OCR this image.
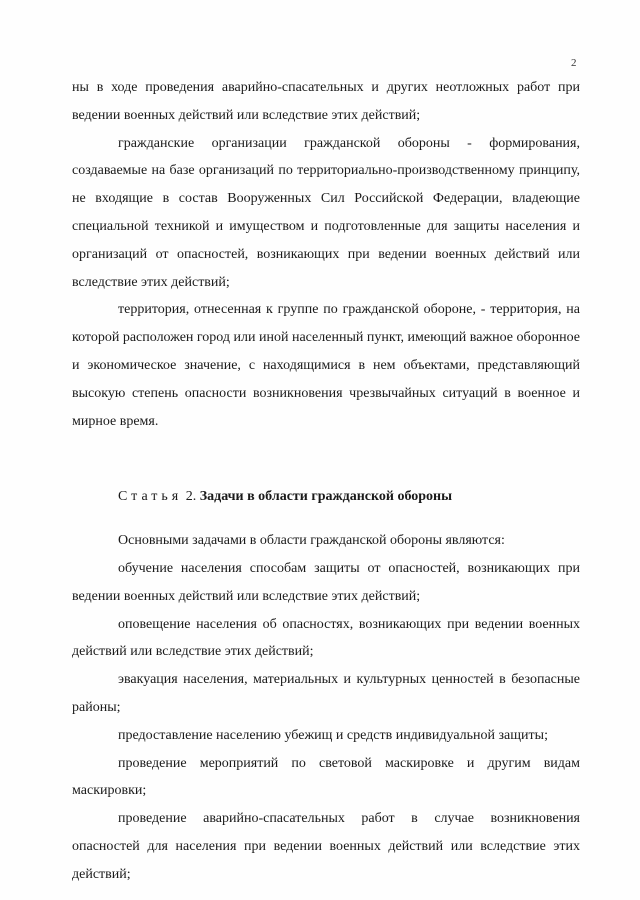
2

ны в ходе проведения аварийно-спасательных и других неотложных работ при ведении военных действий или вследствие этих действий;

гражданские организации гражданской обороны - формирования, создаваемые на базе организаций по территориально-производственному принципу, не входящие в состав Вооруженных Сил Российской Федерации, владеющие специальной техникой и имуществом и подготовленные для защиты населения и организаций от опасностей, возникающих при ведении военных действий или вследствие этих действий;

территория, отнесенная к группе по гражданской обороне, - территория, на которой расположен город или иной населенный пункт, имеющий важное оборонное и экономическое значение, с находящимися в нем объектами, представляющий высокую степень опасности возникновения чрезвычайных ситуаций в военное и мирное время.

Статья 2. Задачи в области гражданской обороны

Основными задачами в области гражданской обороны являются:

обучение населения способам защиты от опасностей, возникающих при ведении военных действий или вследствие этих действий;

оповещение населения об опасностях, возникающих при ведении военных действий или вследствие этих действий;

эвакуация населения, материальных и культурных ценностей в безопасные районы;

предоставление населению убежищ и средств индивидуальной защиты;

проведение мероприятий по световой маскировке и другим видам маскировки;

проведение аварийно-спасательных работ в случае возникновения опасностей для населения при ведении военных действий или вследствие этих действий;
